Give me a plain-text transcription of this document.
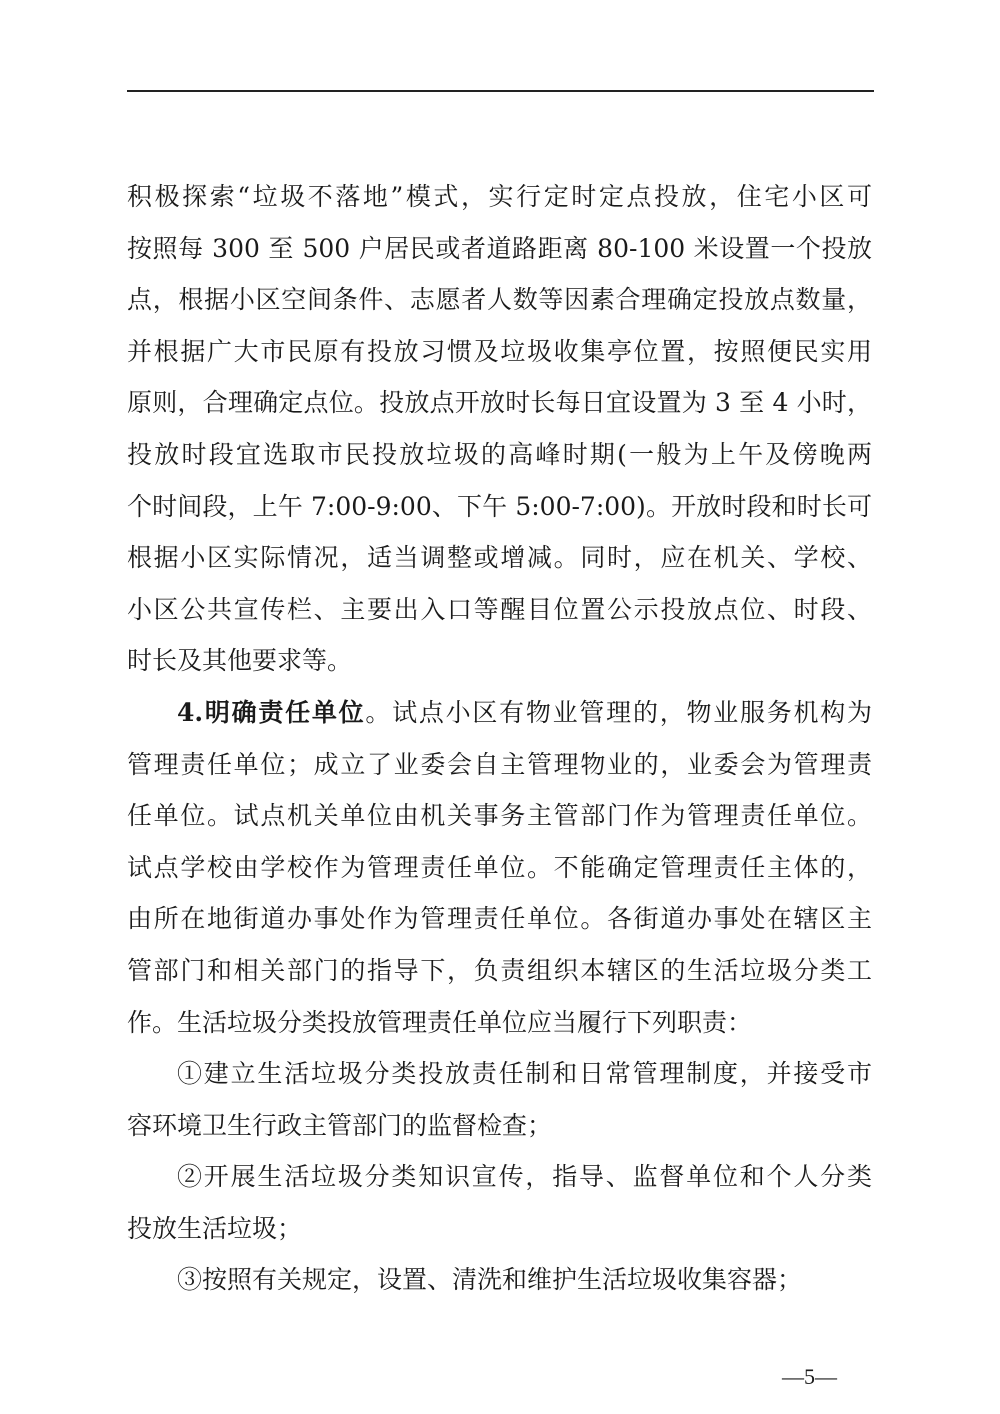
积极探索“垃圾不落地”模式，实行定时定点投放，住宅小区可
按照每 300 至 500 户居民或者道路距离 80-100 米设置一个投放
点，根据小区空间条件、志愿者人数等因素合理确定投放点数量，
并根据广大市民原有投放习惯及垃圾收集亭位置，按照便民实用
原则，合理确定点位。投放点开放时长每日宜设置为 3 至 4 小时，
投放时段宜选取市民投放垃圾的高峰时期(一般为上午及傍晚两
个时间段，上午 7:00-9:00、下午 5:00-7:00)。开放时段和时长可
根据小区实际情况，适当调整或增减。同时，应在机关、学校、
小区公共宣传栏、主要出入口等醒目位置公示投放点位、时段、
时长及其他要求等。
4.明确责任单位。试点小区有物业管理的，物业服务机构为
管理责任单位；成立了业委会自主管理物业的，业委会为管理责
任单位。试点机关单位由机关事务主管部门作为管理责任单位。
试点学校由学校作为管理责任单位。不能确定管理责任主体的，
由所在地街道办事处作为管理责任单位。各街道办事处在辖区主
管部门和相关部门的指导下，负责组织本辖区的生活垃圾分类工
作。生活垃圾分类投放管理责任单位应当履行下列职责：
①建立生活垃圾分类投放责任制和日常管理制度，并接受市
容环境卫生行政主管部门的监督检查；
②开展生活垃圾分类知识宣传，指导、监督单位和个人分类
投放生活垃圾；
③按照有关规定，设置、清洗和维护生活垃圾收集容器；
—5—
